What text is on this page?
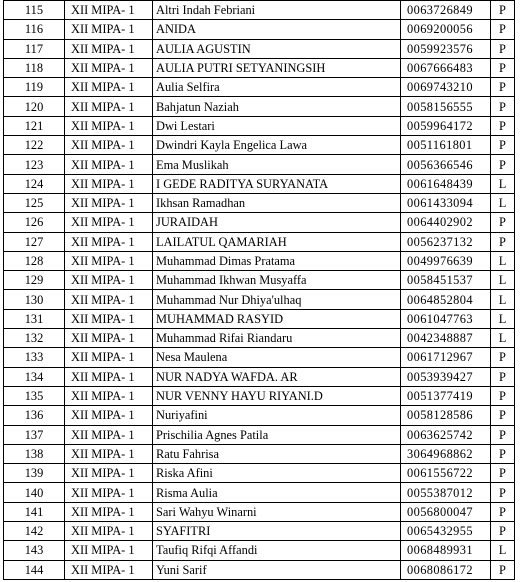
115	XII MIPA- 1	Altri Indah Febriani	0063726849	P
116	XII MIPA- 1	ANIDA	0069200056	P
117	XII MIPA- 1	AULIA AGUSTIN	0059923576	P
118	XII MIPA- 1	AULIA PUTRI SETYANINGSIH	0067666483	P
119	XII MIPA- 1	Aulia Selfira	0069743210	P
120	XII MIPA- 1	Bahjatun Naziah	0058156555	P
121	XII MIPA- 1	Dwi Lestari	0059964172	P
122	XII MIPA- 1	Dwindri Kayla Engelica Lawa	0051161801	P
123	XII MIPA- 1	Ema Muslikah	0056366546	P
124	XII MIPA- 1	I GEDE RADITYA SURYANATA	0061648439	L
125	XII MIPA- 1	Ikhsan Ramadhan	0061433094	L
126	XII MIPA- 1	JURAIDAH	0064402902	P
127	XII MIPA- 1	LAILATUL QAMARIAH	0056237132	P
128	XII MIPA- 1	Muhammad Dimas Pratama	0049976639	L
129	XII MIPA- 1	Muhammad Ikhwan Musyaffa	0058451537	L
130	XII MIPA- 1	Muhammad Nur Dhiya'ulhaq	0064852804	L
131	XII MIPA- 1	MUHAMMAD RASYID	0061047763	L
132	XII MIPA- 1	Muhammad Rifai Riandaru	0042348887	L
133	XII MIPA- 1	Nesa Maulena	0061712967	P
134	XII MIPA- 1	NUR NADYA WAFDA. AR	0053939427	P
135	XII MIPA- 1	NUR VENNY HAYU RIYANI.D	0051377419	P
136	XII MIPA- 1	Nuriyafini	0058128586	P
137	XII MIPA- 1	Prischilia Agnes Patila	0063625742	P
138	XII MIPA- 1	Ratu Fahrisa	3064968862	P
139	XII MIPA- 1	Riska Afini	0061556722	P
140	XII MIPA- 1	Risma Aulia	0055387012	P
141	XII MIPA- 1	Sari Wahyu Winarni	0056800047	P
142	XII MIPA- 1	SYAFITRI	0065432955	P
143	XII MIPA- 1	Taufiq Rifqi Affandi	0068489931	L
144	XII MIPA- 1	Yuni Sarif	0068086172	P
